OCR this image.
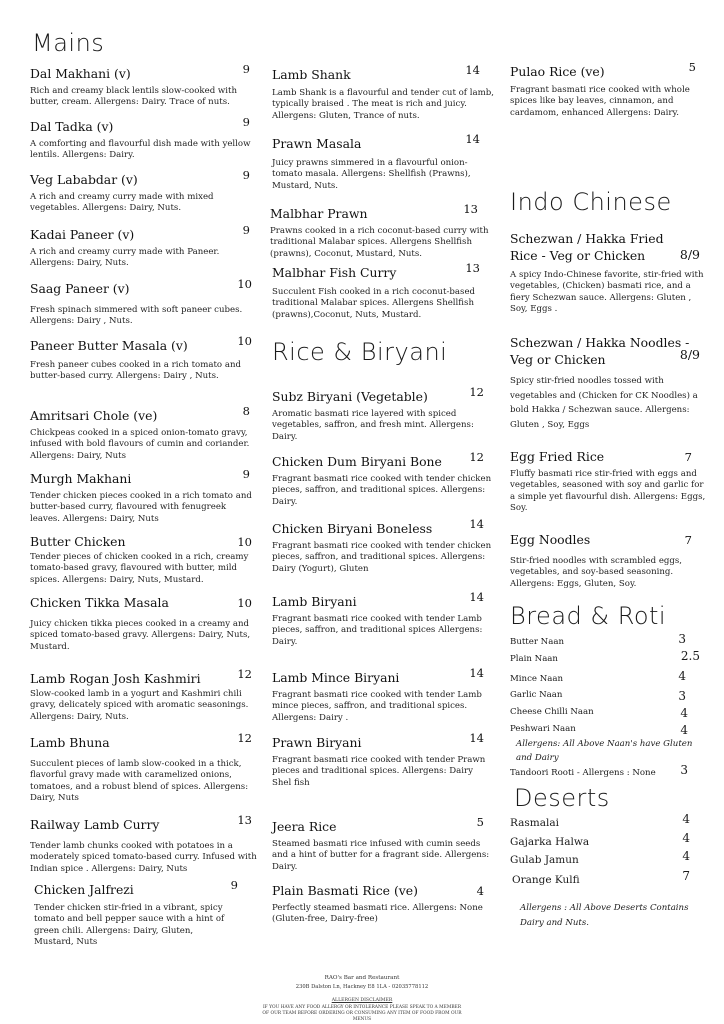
Mains
Dal Makhani (v)	9
Rich and creamy black lentils slow-cooked with butter, cream. Allergens: Dairy. Trace of nuts.
Dal Tadka (v)	9
A comforting and flavourful dish made with yellow lentils. Allergens: Dairy.
Veg Lababdar (v)	9
A rich and creamy curry made with mixed vegetables. Allergens: Dairy, Nuts.
Kadai Paneer (v)	9
A rich and creamy curry made with Paneer. Allergens: Dairy, Nuts.
Saag Paneer (v)	10
Fresh spinach simmered with soft paneer cubes. Allergens: Dairy , Nuts.
Paneer Butter Masala (v)	10
Fresh paneer cubes cooked in a rich tomato and butter-based curry. Allergens: Dairy , Nuts.
Amritsari Chole (ve)	8
Chickpeas cooked in a spiced onion-tomato gravy, infused with bold flavours of cumin and coriander. Allergens: Dairy, Nuts
Murgh Makhani	9
Tender chicken pieces cooked in a rich tomato and butter-based curry, flavoured with fenugreek leaves. Allergens: Dairy, Nuts
Butter Chicken	10
Tender pieces of chicken cooked in a rich, creamy tomato-based gravy, flavoured with butter, mild spices. Allergens: Dairy, Nuts, Mustard.
Chicken Tikka Masala	10
Juicy chicken tikka pieces cooked in a creamy and spiced tomato-based gravy. Allergens: Dairy, Nuts, Mustard.
Lamb Rogan Josh Kashmiri	12
Slow-cooked lamb in a yogurt and Kashmiri chili gravy, delicately spiced with aromatic seasonings. Allergens: Dairy, Nuts.
Lamb Bhuna	12
Succulent pieces of lamb slow-cooked in a thick, flavorful gravy made with caramelized onions, tomatoes, and a robust blend of spices. Allergens: Dairy, Nuts
Railway Lamb Curry	13
Tender lamb chunks cooked with potatoes in a moderately spiced tomato-based curry. Infused with Indian spice . Allergens: Dairy, Nuts
Chicken Jalfrezi	9
Tender chicken stir-fried in a vibrant, spicy tomato and bell pepper sauce with a hint of green chili. Allergens: Dairy, Gluten, Mustard, Nuts
Lamb Shank	14
Lamb Shank is a flavourful and tender cut of lamb, typically braised . The meat is rich and juicy. Allergens: Gluten, Trance of nuts.
Prawn Masala	14
Juicy prawns simmered in a flavourful onion-tomato masala. Allergens: Shellfish (Prawns), Mustard, Nuts.
Malbhar Prawn	13
Prawns cooked in a rich coconut-based curry with traditional Malabar spices. Allergens Shellfish (prawns), Coconut, Mustard, Nuts.
Malbhar Fish Curry	13
Succulent Fish cooked in a rich coconut-based traditional Malabar spices. Allergens Shellfish (prawns),Coconut, Nuts, Mustard.
Rice & Biryani
Subz Biryani (Vegetable)	12
Aromatic basmati rice layered with spiced vegetables, saffron, and fresh mint. Allergens: Dairy.
Chicken Dum Biryani Bone 12
Fragrant basmati rice cooked with tender chicken pieces, saffron, and traditional spices. Allergens: Dairy.
Chicken Biryani Boneless	14
Fragrant basmati rice cooked with tender chicken pieces, saffron, and traditional spices. Allergens: Dairy (Yogurt), Gluten
Lamb Biryani	14
Fragrant basmati rice cooked with tender Lamb pieces, saffron, and traditional spices Allergens: Dairy.
Lamb Mince Biryani	14
Fragrant basmati rice cooked with tender Lamb mince pieces, saffron, and traditional spices. Allergens: Dairy .
Prawn Biryani	14
Fragrant basmati rice cooked with tender Prawn pieces and traditional spices. Allergens: Dairy Shel fish
Jeera Rice	5
Steamed basmati rice infused with cumin seeds and a hint of butter for a fragrant side. Allergens: Dairy.
Plain Basmati Rice (ve)	4
Perfectly steamed basmati rice. Allergens: None (Gluten-free, Dairy-free)
Pulao Rice (ve)	5
Fragrant basmati rice cooked with whole spices like bay leaves, cinnamon, and cardamom, enhanced Allergens: Dairy.
Indo Chinese
Schezwan / Hakka Fried Rice - Veg or Chicken	8/9
A spicy Indo-Chinese favorite, stir-fried with vegetables, (Chicken) basmati rice, and a fiery Schezwan sauce. Allergens: Gluten , Soy, Eggs .
Schezwan / Hakka Noodles - Veg or Chicken	8/9
Spicy stir-fried noodles tossed with vegetables and (Chicken for CK Noodles) a bold Hakka / Schezwan sauce. Allergens: Gluten , Soy, Eggs
Egg Fried Rice	7
Fluffy basmati rice stir-fried with eggs and vegetables, seasoned with soy and garlic for a simple yet flavourful dish. Allergens: Eggs, Soy.
Egg Noodles	7
Stir-fried noodles with scrambled eggs, vegetables, and soy-based seasoning. Allergens: Eggs, Gluten, Soy.
Bread & Roti
Butter Naan	3
Plain Naan	2.5
Mince Naan	4
Garlic Naan	3
Cheese Chilli Naan	4
Peshwari Naan	4
Allergens: All Above Naan's have Gluten and Dairy
Tandoori Rooti - Allergens : None 3
Deserts
Rasmalai	4
Gajarka Halwa	4
Gulab Jamun	4
Orange Kulfi	7
Allergens : All Above Deserts Contains Dairy and Nuts.
RAO's Bar and Restaurant
230B Dalston Ln, Hackney E8 1LA - 02035778112
ALLERGEN DISCLAIMER
IF YOU HAVE ANY FOOD ALLERGY OR INTOLERANCE PLEASE SPEAK TO A MEMBER OF OUR TEAM BEFORE ORDERING OR CONSUMING ANY ITEM OF FOOD FROM OUR MENUS
